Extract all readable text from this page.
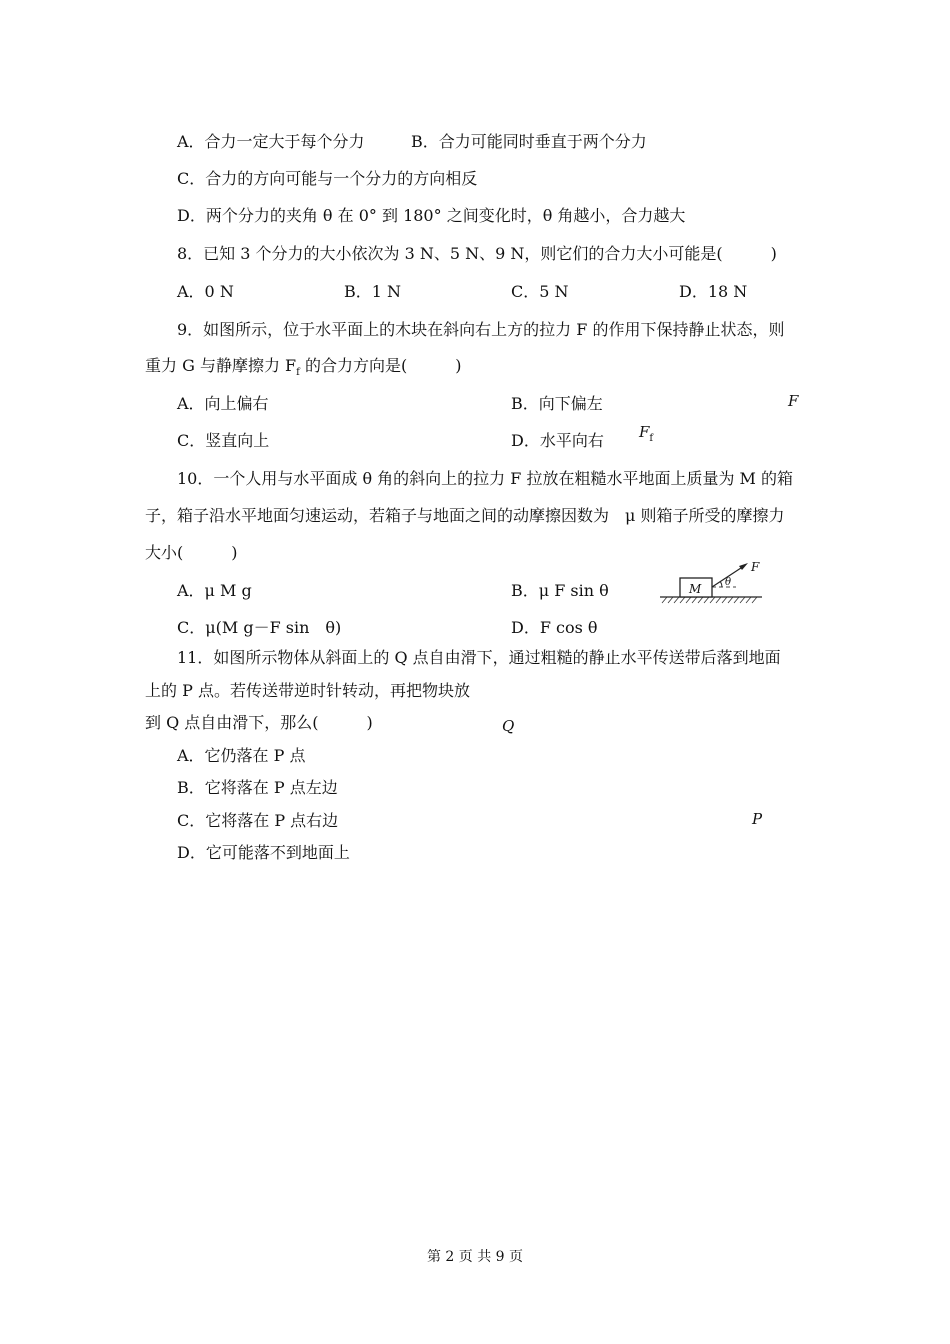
A．合力一定大于每个分力	B．合力可能同时垂直于两个分力
C．合力的方向可能与一个分力的方向相反
D．两个分力的夹角 θ 在 0° 到 180° 之间变化时，θ 角越小，合力越大
8．已知 3 个分力的大小依次为 3 N、5 N、9 N，则它们的合力大小可能是(　　　)
A．0 N	B．1 N	C．5 N	D．18 N
9．如图所示，位于水平面上的木块在斜向右上方的拉力 F 的作用下保持静止状态，则
重力 G 与静摩擦力 $F_f$ 的合力方向是(　　　)
A．向上偏右	B．向下偏左
C．竖直向上	D．水平向右
F
$F_f$
10．一个人用与水平面成 θ 角的斜向上的拉力 F 拉放在粗糙水平地面上质量为 M 的箱
子，箱子沿水平地面匀速运动，若箱子与地面之间的动摩擦因数为　μ 则箱子所受的摩擦力
大小(　　　)
A．μ M g	B．μ F sin θ
C．μ(M g－F sin　θ)	D．F cos θ
M
F
θ
11．如图所示物体从斜面上的 Q 点自由滑下，通过粗糙的静止水平传送带后落到地面
上的 P 点。若传送带逆时针转动，再把物块放
到 Q 点自由滑下，那么(　　　)
A．它仍落在 P 点
B．它将落在 P 点左边
C．它将落在 P 点右边
D．它可能落不到地面上
Q
P
第 2 页 共 9 页
